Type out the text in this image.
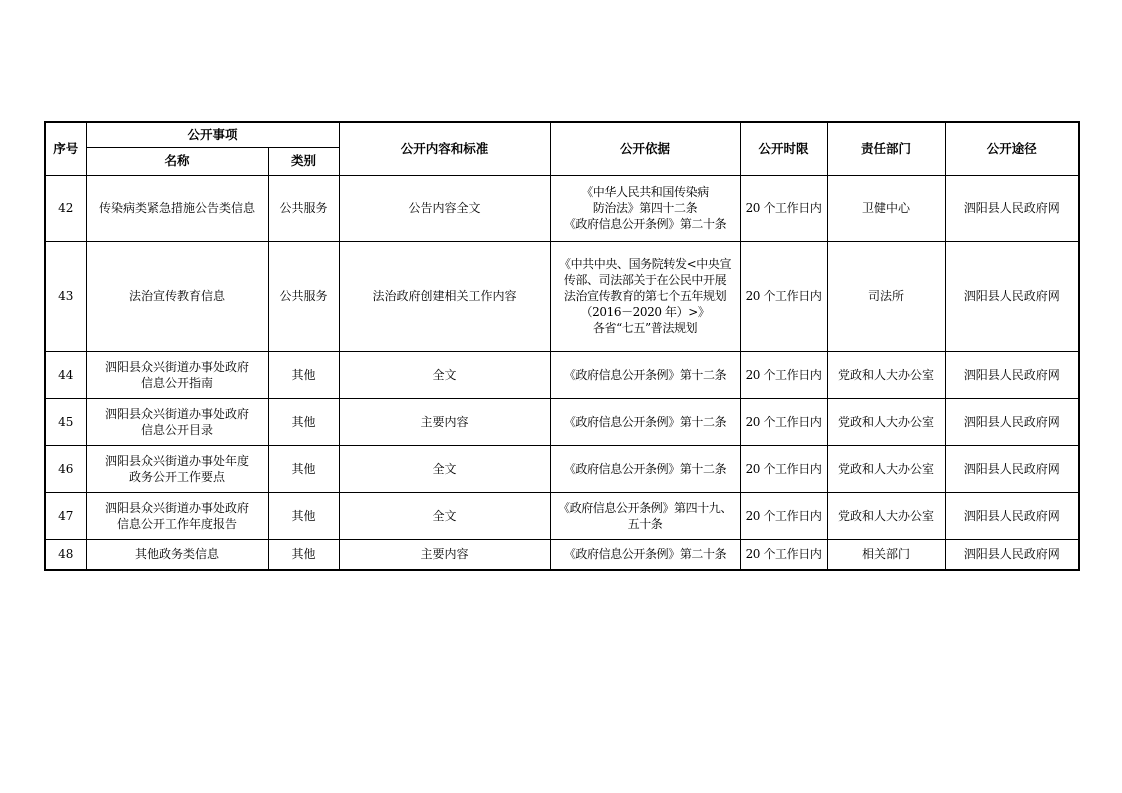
序号	公开事项		公开内容和标准	公开依据	公开时限	责任部门	公开途径
	名称	类别					
42	传染病类紧急措施公告类信息	公共服务	公告内容全文	《中华人民共和国传染病
防治法》第四十二条
《政府信息公开条例》第二十条	20 个工作日内	卫健中心	泗阳县人民政府网
43	法治宣传教育信息	公共服务	法治政府创建相关工作内容	《中共中央、国务院转发<中央宣
传部、司法部关于在公民中开展
法治宣传教育的第七个五年规划
（2016－2020 年）>》
各省“七五”普法规划	20 个工作日内	司法所	泗阳县人民政府网
44	泗阳县众兴街道办事处政府
信息公开指南	其他	全文	《政府信息公开条例》第十二条	20 个工作日内	党政和人大办公室	泗阳县人民政府网
45	泗阳县众兴街道办事处政府
信息公开目录	其他	主要内容	《政府信息公开条例》第十二条	20 个工作日内	党政和人大办公室	泗阳县人民政府网
46	泗阳县众兴街道办事处年度
政务公开工作要点	其他	全文	《政府信息公开条例》第十二条	20 个工作日内	党政和人大办公室	泗阳县人民政府网
47	泗阳县众兴街道办事处政府
信息公开工作年度报告	其他	全文	《政府信息公开条例》第四十九、
五十条	20 个工作日内	党政和人大办公室	泗阳县人民政府网
48	其他政务类信息	其他	主要内容	《政府信息公开条例》第二十条	20 个工作日内	相关部门	泗阳县人民政府网
